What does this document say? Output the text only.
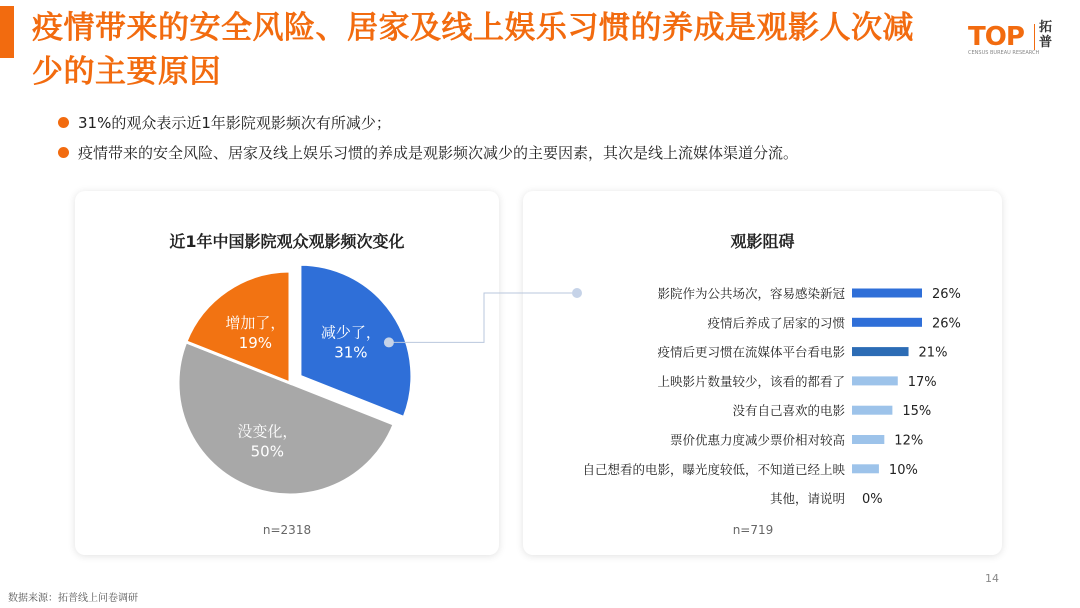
疫情带来的安全风险、居家及线上娱乐习惯的养成是观影人次减少的主要原因
TOP 拓普
CENSUS BUREAU RESEARCH
31%的观众表示近1年影院观影频次有所减少；
疫情带来的安全风险、居家及线上娱乐习惯的养成是观影频次减少的主要因素，其次是线上流媒体渠道分流。
近1年中国影院观众观影频次变化
n=2318
观影阻碍
n=719
减少了，
31%
没变化，
50%
增加了，
19%
影院作为公共场次，容易感染新冠	26%
疫情后养成了居家的习惯	26%
疫情后更习惯在流媒体平台看电影	21%
上映影片数量较少，该看的都看了	17%
没有自己喜欢的电影	15%
票价优惠力度减少票价相对较高	12%
自己想看的电影，曝光度较低，不知道已经上映	10%
其他，请说明 0%
14
数据来源：拓普线上问卷调研
